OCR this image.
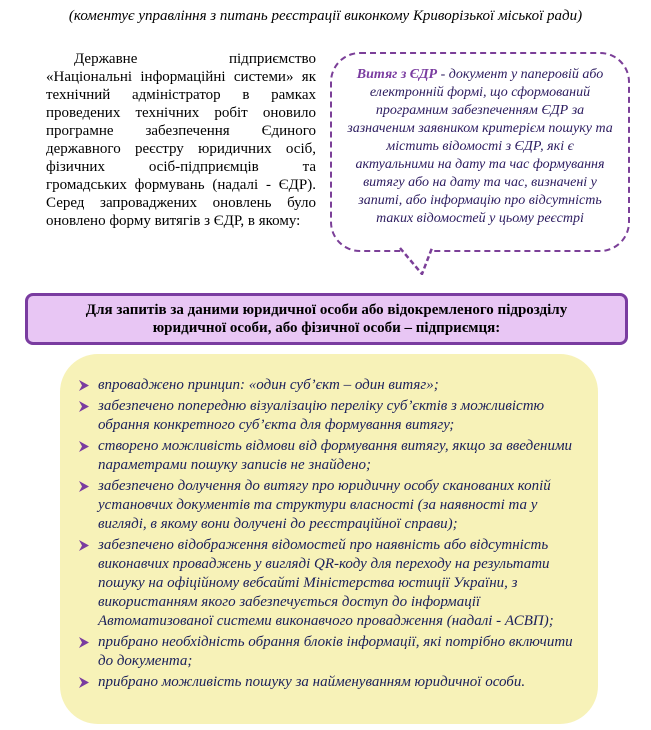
(коментує управління з питань реєстрації виконкому Криворізької міської ради)
Державне підприємство «Національні інформаційні системи» як технічний адміністратор в рамках проведених технічних робіт оновило програмне забезпечення Єдиного державного реєстру юридичних осіб, фізичних осіб-підприємців та громадських формувань (надалі - ЄДР). Серед запроваджених оновлень було оновлено форму витягів з ЄДР, в якому:
Витяг з ЄДР - документ у паперовій або електронній формі, що сформований програмним забезпеченням ЄДР за зазначеним заявником критерієм пошуку та містить відомості з ЄДР, які є актуальними на дату та час формування витягу або на дату та час, визначені у запиті, або інформацію про відсутність таких відомостей у цьому реєстрі
Для запитів за даними юридичної особи або відокремленого підрозділу юридичної особи, або фізичної особи – підприємця:
впроваджено принцип: «один суб’єкт – один витяг»;
забезпечено попередню візуалізацію переліку суб’єктів з можливістю обрання конкретного суб’єкта для формування витягу;
створено можливість відмови від формування витягу, якщо за введеними параметрами пошуку записів не знайдено;
забезпечено долучення до витягу про юридичну особу сканованих копій установчих документів та структури власності (за наявності та у вигляді, в якому вони долучені до реєстраційної справи);
забезпечено відображення відомостей про наявність або відсутність виконавчих проваджень у вигляді QR-коду для переходу на результати пошуку на офіційному вебсайті Міністерства юстиції України, з використанням якого забезпечується доступ до інформації Автоматизованої системи виконавчого провадження (надалі - АСВП);
прибрано необхідність обрання блоків інформації, які потрібно включити до документа;
прибрано можливість пошуку за найменуванням юридичної особи.
